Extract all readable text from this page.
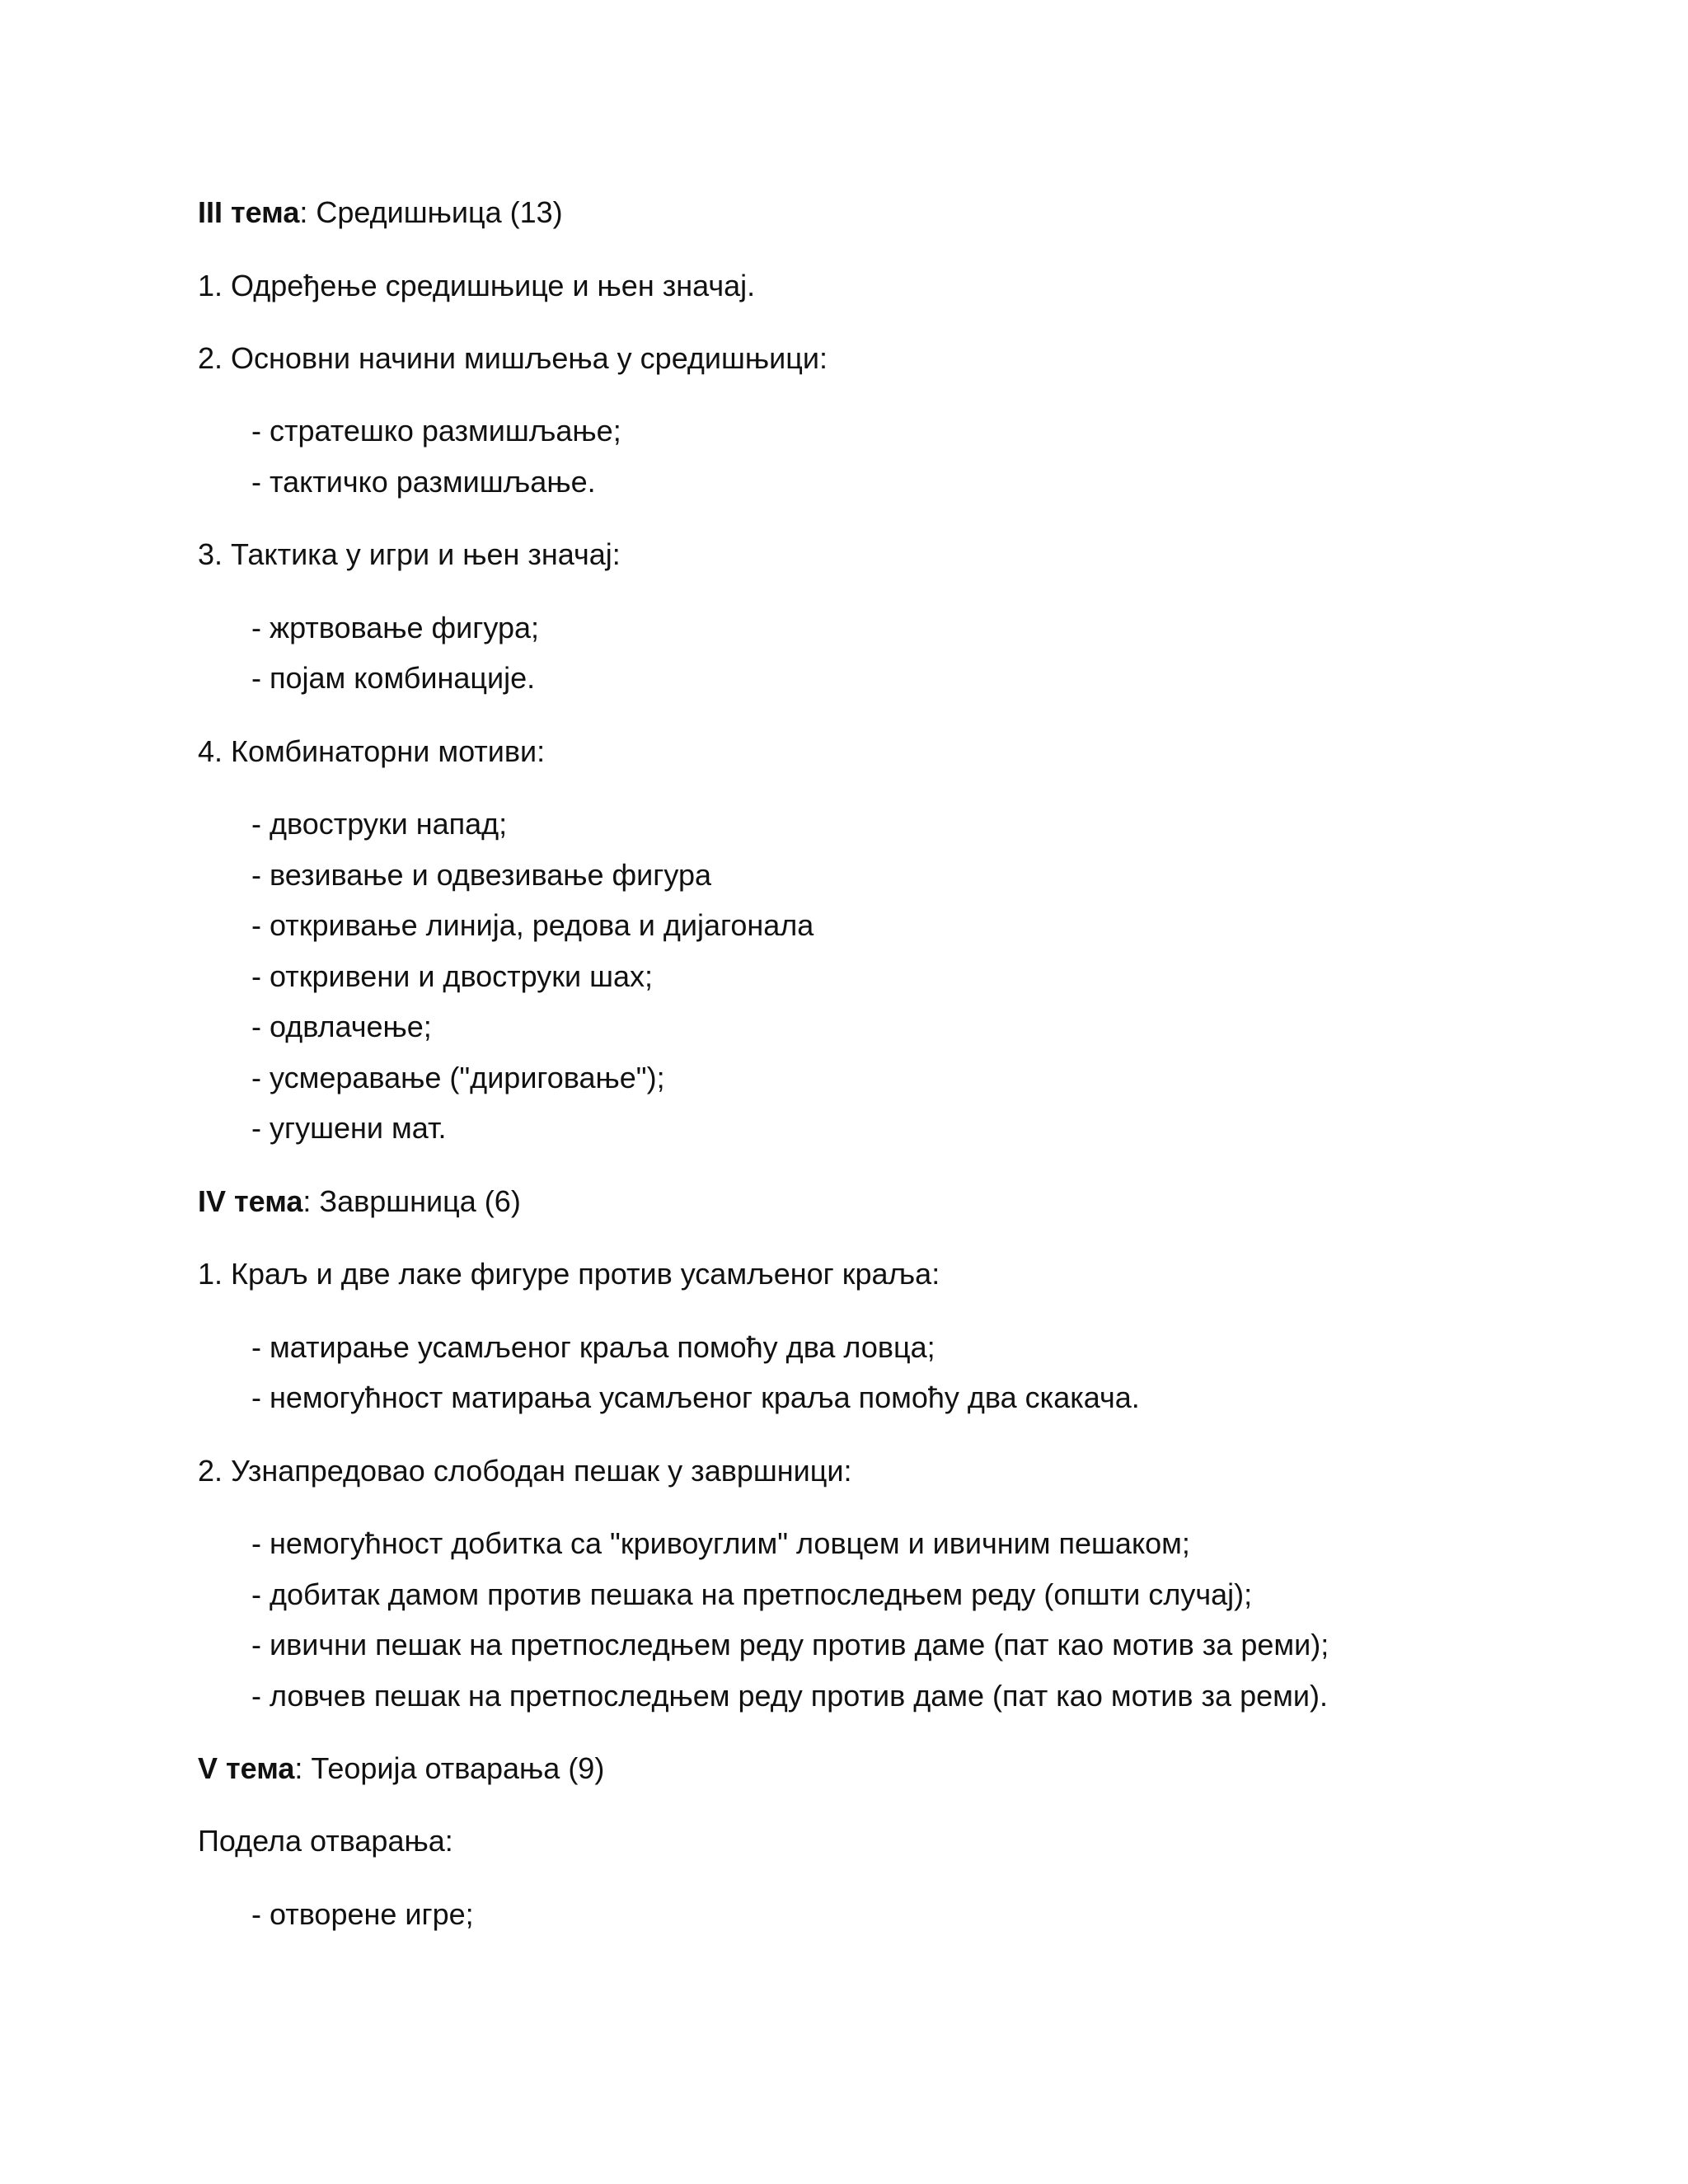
III тема: Средишњица (13)
1. Одређење средишњице и њен значај.
2. Основни начини мишљења у средишњици:
- стратешко размишљање;
- тактичко размишљање.
3. Тактика у игри и њен значај:
- жртвовање фигура;
- појам комбинације.
4. Комбинаторни мотиви:
- двоструки напад;
- везивање и одвезивање фигура
- откривање линија, редова и дијагонала
- откривени и двоструки шах;
- одвлачење;
- усмеравање ("дириговање");
- угушени мат.
IV тема: Завршница (6)
1. Краљ и две лаке фигуре против усамљеног краља:
- матирање усамљеног краља помоћу два ловца;
- немогућност матирања усамљеног краља помоћу два скакача.
2. Узнапредовао слободан пешак у завршници:
- немогућност добитка са "кривоуглим" ловцем и ивичним пешаком;
- добитак дамом против пешака на претпоследњем реду (општи случај);
- ивични пешак на претпоследњем реду против даме (пат као мотив за реми);
- ловчев пешак на претпоследњем реду против даме (пат као мотив за реми).
V тема: Теорија отварања (9)
Подела отварања:
- отворене игре;
